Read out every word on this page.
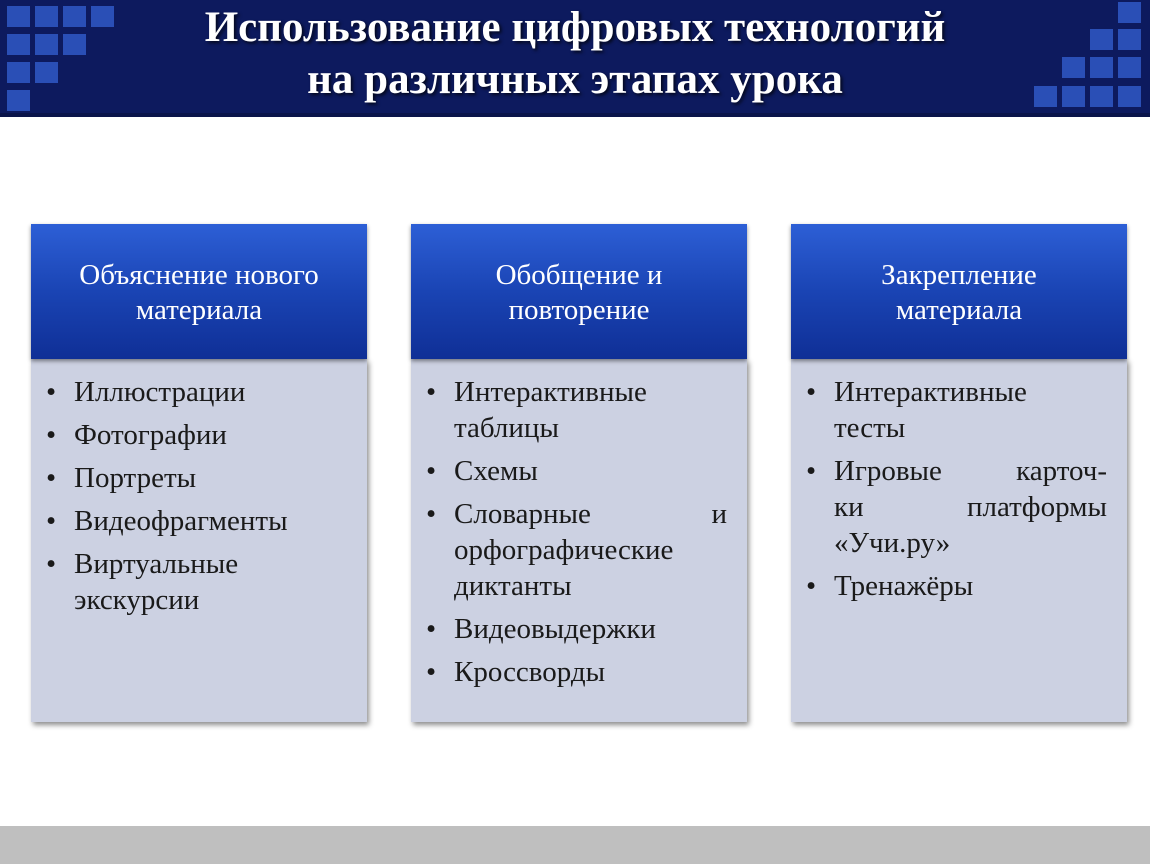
Использование цифровых технологий
на различных этапах урока
Объяснение нового
материала
• Иллюстрации
• Фотографии
• Портреты
• Видеофрагменты
• Виртуальные
экскурсии
Обобщение и
повторение
• Интерактивные
таблицы
• Схемы
• Словарные и
орфографические
диктанты
• Видеовыдержки
• Кроссворды
Закрепление
материала
• Интерактивные
тесты
• Игровые карточ-
ки платформы
«Учи.ру»
• Тренажёры
